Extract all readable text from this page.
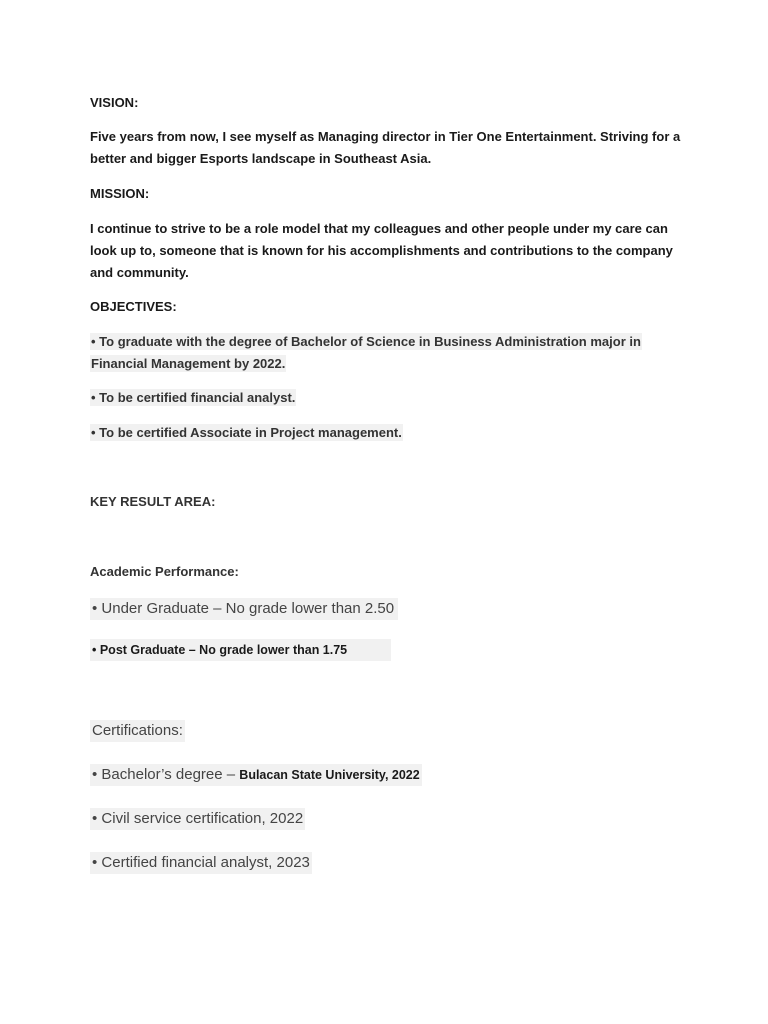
VISION:
Five years from now, I see myself as Managing director in Tier One Entertainment. Striving for a better and bigger Esports landscape in Southeast Asia.
MISSION:
I continue to strive to be a role model that my colleagues and other people under my care can look up to, someone that is known for his accomplishments and contributions to the company and community.
OBJECTIVES:
• To graduate with the degree of Bachelor of Science in Business Administration major in Financial Management by 2022.
• To be certified financial analyst.
• To be certified Associate in Project management.
KEY RESULT AREA:
Academic Performance:
• Under Graduate – No grade lower than 2.50
• Post Graduate – No grade lower than 1.75
Certifications:
• Bachelor’s degree – Bulacan State University, 2022
• Civil service certification, 2022
• Certified financial analyst, 2023
